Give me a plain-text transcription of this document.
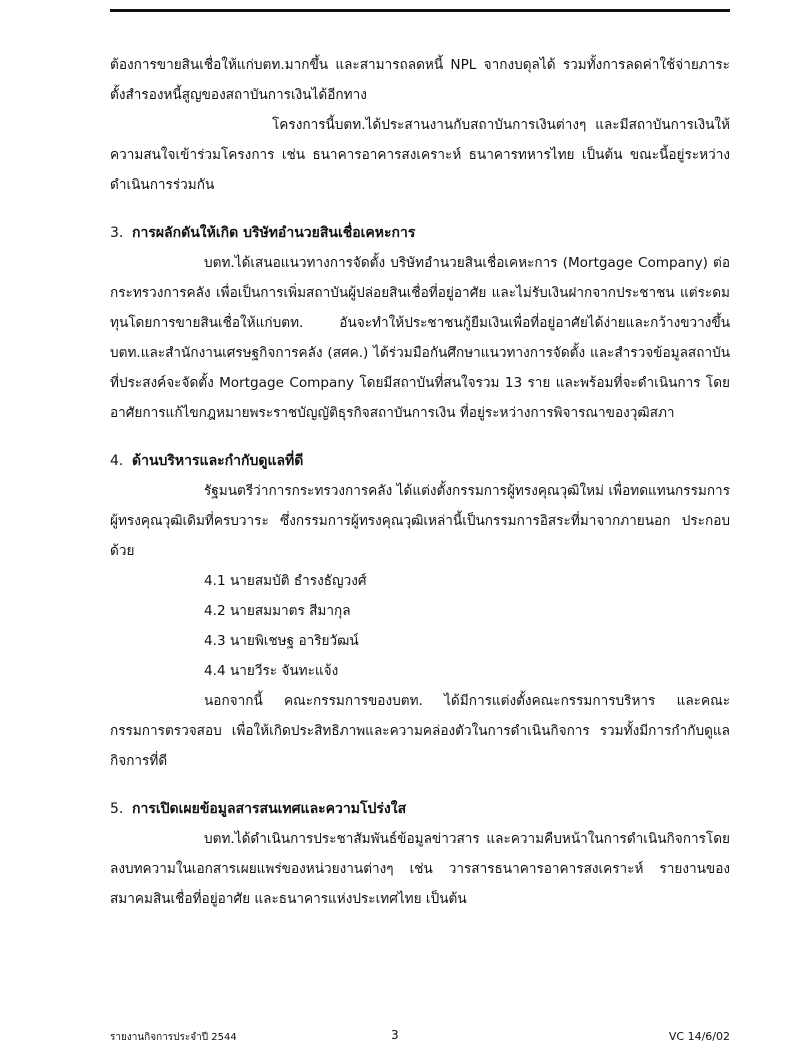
ต้องการขายสินเชื่อให้แก่บตท.มากขึ้น และสามารถลดหนี้ NPL จากงบดุลได้ รวมทั้งการลดค่าใช้จ่ายภาระตั้งสำรองหนี้สูญของสถาบันการเงินได้อีกทาง

โครงการนี้บตท.ได้ประสานงานกับสถาบันการเงินต่างๆ และมีสถาบันการเงินให้ความสนใจเข้าร่วมโครงการ เช่น ธนาคารอาคารสงเคราะห์ ธนาคารทหารไทย เป็นต้น ขณะนี้อยู่ระหว่างดำเนินการร่วมกัน

3. การผลักดันให้เกิด บริษัทอำนวยสินเชื่อเคหะการ

บตท.ได้เสนอแนวทางการจัดตั้ง บริษัทอำนวยสินเชื่อเคหะการ (Mortgage Company) ต่อกระทรวงการคลัง เพื่อเป็นการเพิ่มสถาบันผู้ปล่อยสินเชื่อที่อยู่อาศัย และไม่รับเงินฝากจากประชาชน แต่ระดมทุนโดยการขายสินเชื่อให้แก่บตท. อันจะทำให้ประชาชนกู้ยืมเงินเพื่อที่อยู่อาศัยได้ง่ายและกว้างขวางขึ้น บตท.และสำนักงานเศรษฐกิจการคลัง (สศค.) ได้ร่วมมือกันศึกษาแนวทางการจัดตั้ง และสำรวจข้อมูลสถาบันที่ประสงค์จะจัดตั้ง Mortgage Company โดยมีสถาบันที่สนใจรวม 13 ราย และพร้อมที่จะดำเนินการ โดยอาศัยการแก้ไขกฎหมายพระราชบัญญัติธุรกิจสถาบันการเงิน ที่อยู่ระหว่างการพิจารณาของวุฒิสภา

4. ด้านบริหารและกำกับดูแลที่ดี

รัฐมนตรีว่าการกระทรวงการคลัง ได้แต่งตั้งกรรมการผู้ทรงคุณวุฒิใหม่ เพื่อทดแทนกรรมการผู้ทรงคุณวุฒิเดิมที่ครบวาระ ซึ่งกรรมการผู้ทรงคุณวุฒิเหล่านี้เป็นกรรมการอิสระที่มาจากภายนอก ประกอบด้วย

4.1 นายสมบัติ ธำรงธัญวงศ์

4.2 นายสมมาตร สีมากุล

4.3 นายพิเชษฐ อาริยวัฒน์

4.4 นายวีระ จันทะแจ้ง

นอกจากนี้ คณะกรรมการของบตท. ได้มีการแต่งตั้งคณะกรรมการบริหาร และคณะกรรมการตรวจสอบ เพื่อให้เกิดประสิทธิภาพและความคล่องตัวในการดำเนินกิจการ รวมทั้งมีการกำกับดูแลกิจการที่ดี

5. การเปิดเผยข้อมูลสารสนเทศและความโปร่งใส

บตท.ได้ดำเนินการประชาสัมพันธ์ข้อมูลข่าวสาร และความคืบหน้าในการดำเนินกิจการโดยลงบทความในเอกสารเผยแพร่ของหน่วยงานต่างๆ เช่น วารสารธนาคารอาคารสงเคราะห์ รายงานของสมาคมสินเชื่อที่อยู่อาศัย และธนาคารแห่งประเทศไทย เป็นต้น

รายงานกิจการประจำปี 2544	3	VC 14/6/02
